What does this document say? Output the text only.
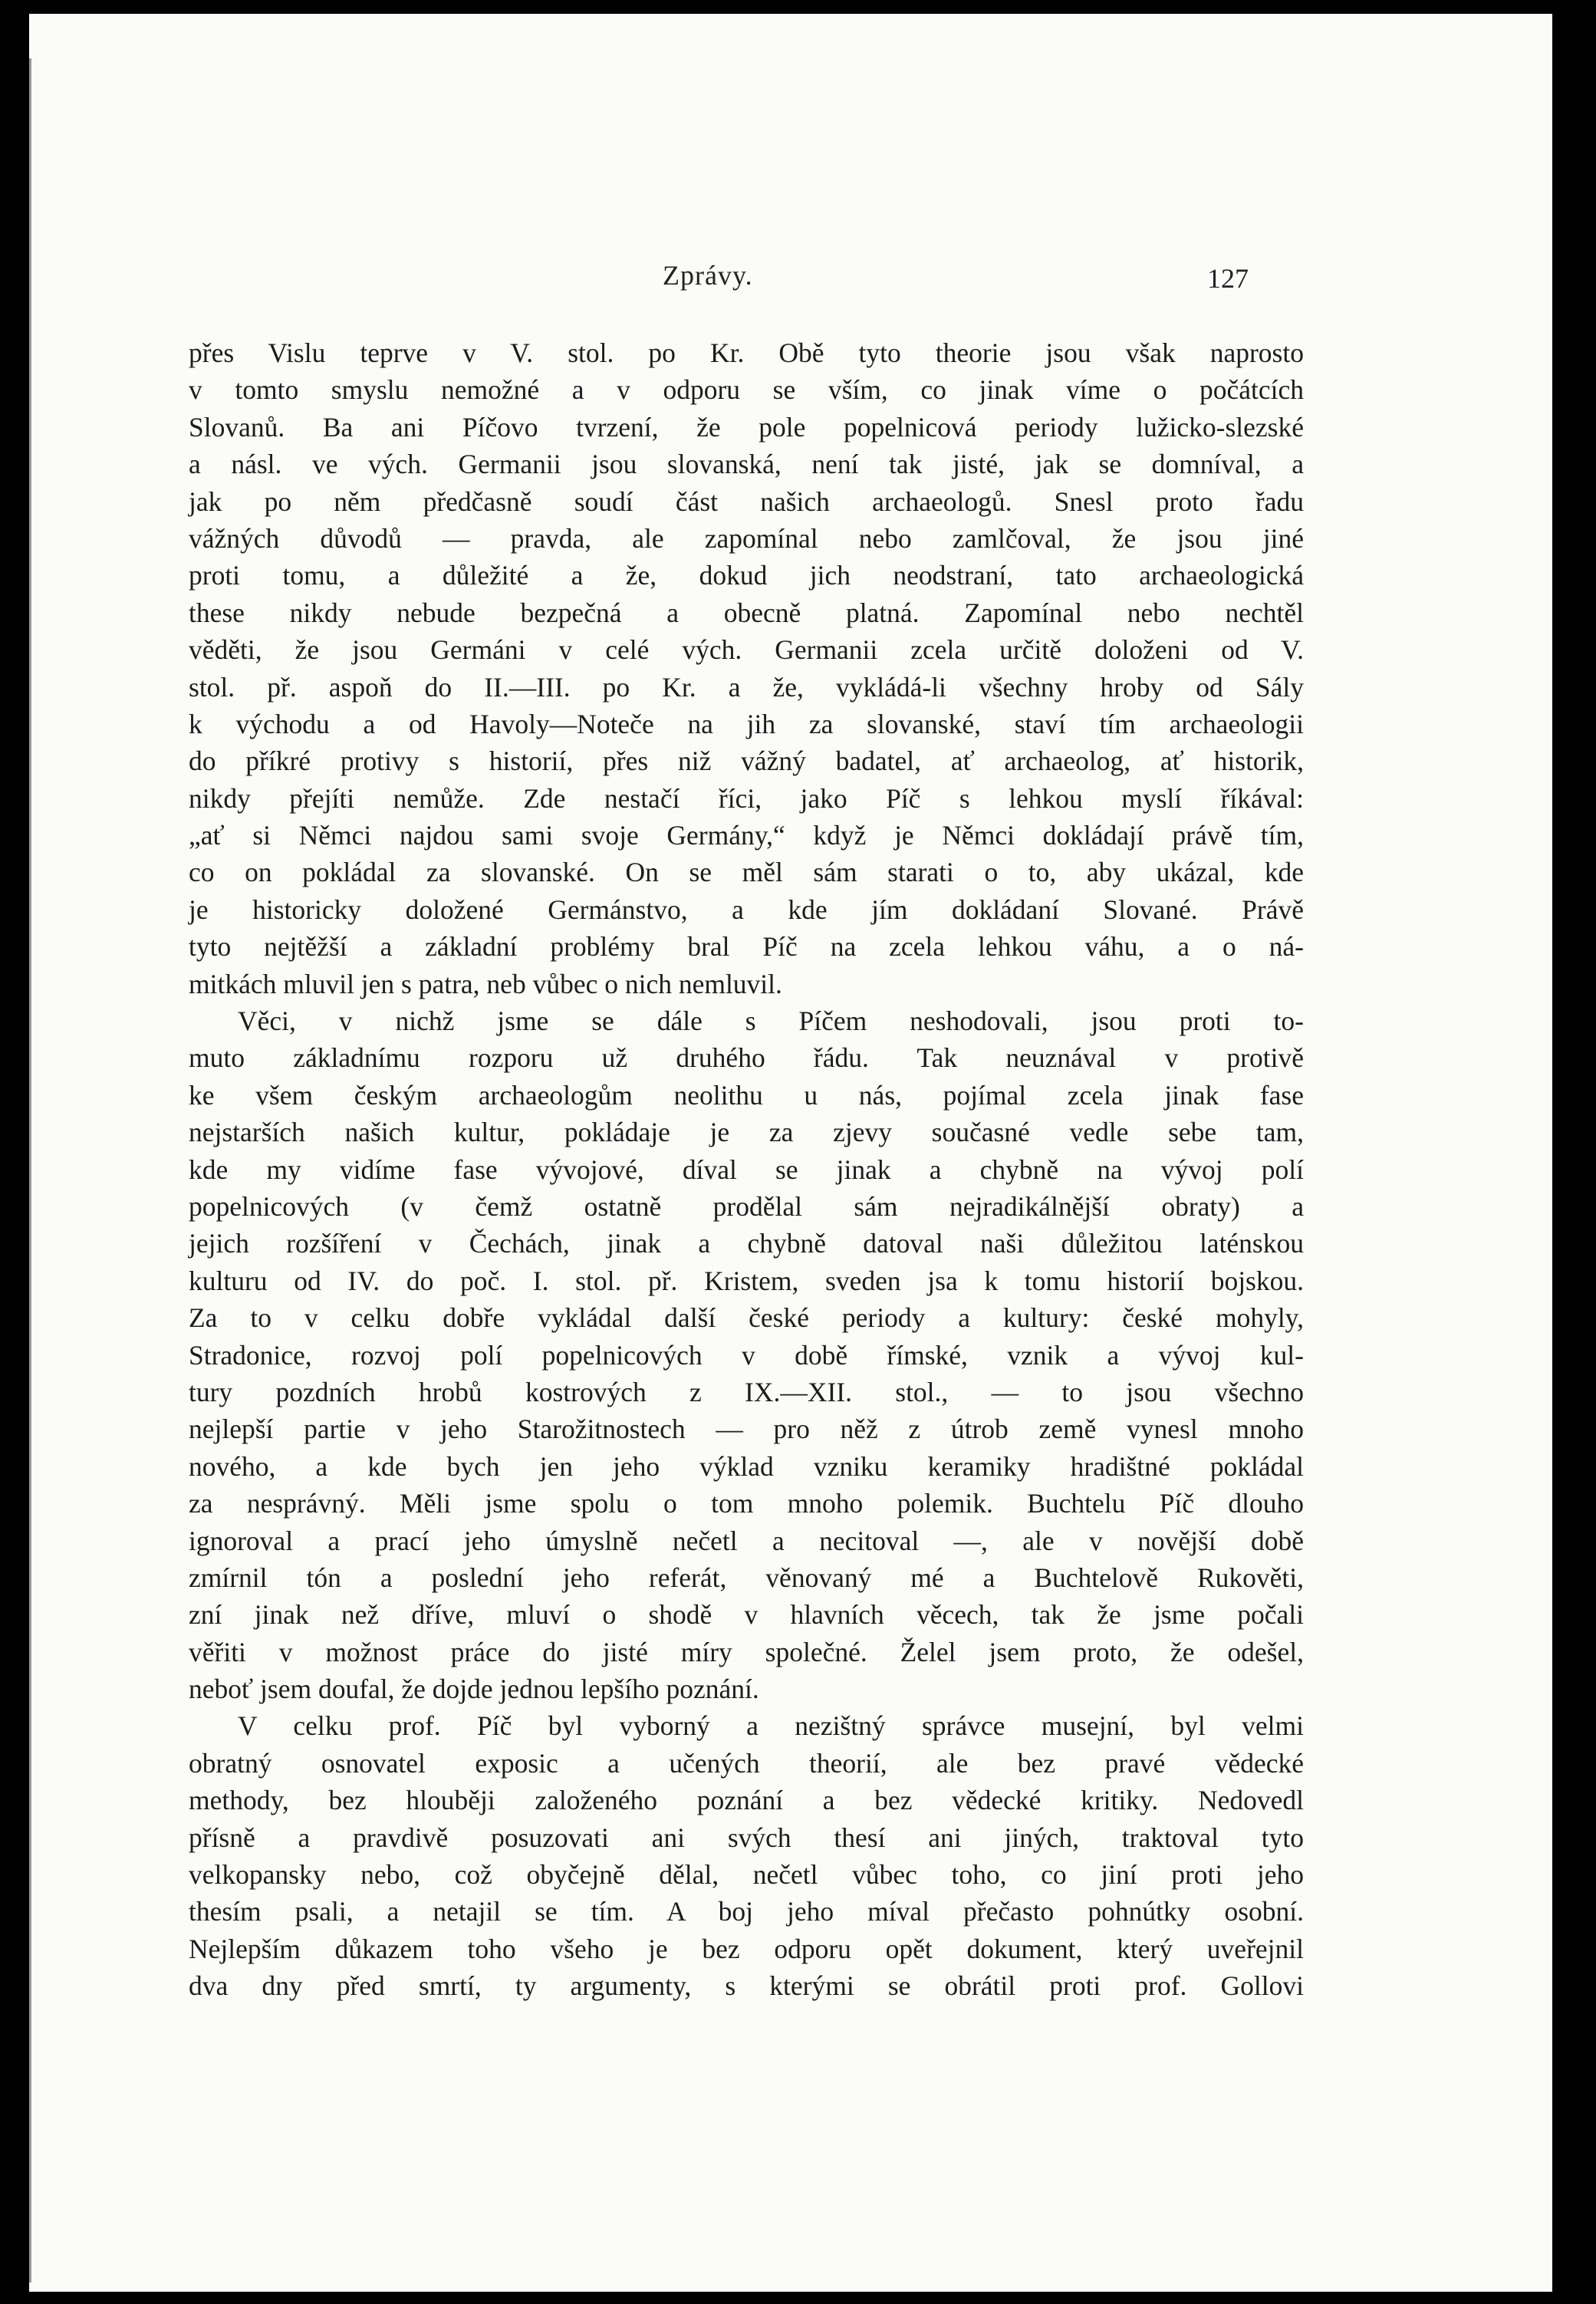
Zprávy.	127
přes Vislu teprve v V. stol. po Kr. Obě tyto theorie jsou však naprosto
v tomto smyslu nemožné a v odporu se vším, co jinak víme o počátcích
Slovanů. Ba ani Píčovo tvrzení, že pole popelnicová periody lužicko-slezské
a násl. ve vých. Germanii jsou slovanská, není tak jisté, jak se domníval, a
jak po něm předčasně soudí část našich archaeologů. Snesl proto řadu
vážných důvodů — pravda, ale zapomínal nebo zamlčoval, že jsou jiné
proti tomu, a důležité a že, dokud jich neodstraní, tato archaeologická
these nikdy nebude bezpečná a obecně platná. Zapomínal nebo nechtěl
věděti, že jsou Germáni v celé vých. Germanii zcela určitě doloženi od V.
stol. př. aspoň do II.—III. po Kr. a že, vykládá-li všechny hroby od Sály
k východu a od Havoly—Noteče na jih za slovanské, staví tím archaeologii
do příkré protivy s historií, přes niž vážný badatel, ať archaeolog, ať historik,
nikdy přejíti nemůže. Zde nestačí říci, jako Píč s lehkou myslí říkával:
„ať si Němci najdou sami svoje Germány,“ když je Němci dokládají právě tím,
co on pokládal za slovanské. On se měl sám starati o to, aby ukázal, kde
je historicky doložené Germánstvo, a kde jím dokládaní Slované. Právě
tyto nejtěžší a základní problémy bral Píč na zcela lehkou váhu, a o ná-
mitkách mluvil jen s patra, neb vůbec o nich nemluvil.
Věci, v nichž jsme se dále s Píčem neshodovali, jsou proti to-
muto základnímu rozporu už druhého řádu. Tak neuznával v protivě
ke všem českým archaeologům neolithu u nás, pojímal zcela jinak fase
nejstarších našich kultur, pokládaje je za zjevy současné vedle sebe tam,
kde my vidíme fase vývojové, díval se jinak a chybně na vývoj polí
popelnicových (v čemž ostatně prodělal sám nejradikálnější obraty) a
jejich rozšíření v Čechách, jinak a chybně datoval naši důležitou laténskou
kulturu od IV. do poč. I. stol. př. Kristem, sveden jsa k tomu historií bojskou.
Za to v celku dobře vykládal další české periody a kultury: české mohyly,
Stradonice, rozvoj polí popelnicových v době římské, vznik a vývoj kul-
tury pozdních hrobů kostrových z IX.—XII. stol., — to jsou všechno
nejlepší partie v jeho Starožitnostech — pro něž z útrob země vynesl mnoho
nového, a kde bych jen jeho výklad vzniku keramiky hradištné pokládal
za nesprávný. Měli jsme spolu o tom mnoho polemik. Buchtelu Píč dlouho
ignoroval a prací jeho úmyslně nečetl a necitoval —, ale v novější době
zmírnil tón a poslední jeho referát, věnovaný mé a Buchtelově Rukověti,
zní jinak než dříve, mluví o shodě v hlavních věcech, tak že jsme počali
věřiti v možnost práce do jisté míry společné. Želel jsem proto, že odešel,
neboť jsem doufal, že dojde jednou lepšího poznání.
V celku prof. Píč byl vyborný a nezištný správce musejní, byl velmi
obratný osnovatel exposic a učených theorií, ale bez pravé vědecké
methody, bez hlouběji založeného poznání a bez vědecké kritiky. Nedovedl
přísně a pravdivě posuzovati ani svých thesí ani jiných, traktoval tyto
velkopansky nebo, což obyčejně dělal, nečetl vůbec toho, co jiní proti jeho
thesím psali, a netajil se tím. A boj jeho míval přečasto pohnútky osobní.
Nejlepším důkazem toho všeho je bez odporu opět dokument, který uveřejnil
dva dny před smrtí, ty argumenty, s kterými se obrátil proti prof. Gollovi
